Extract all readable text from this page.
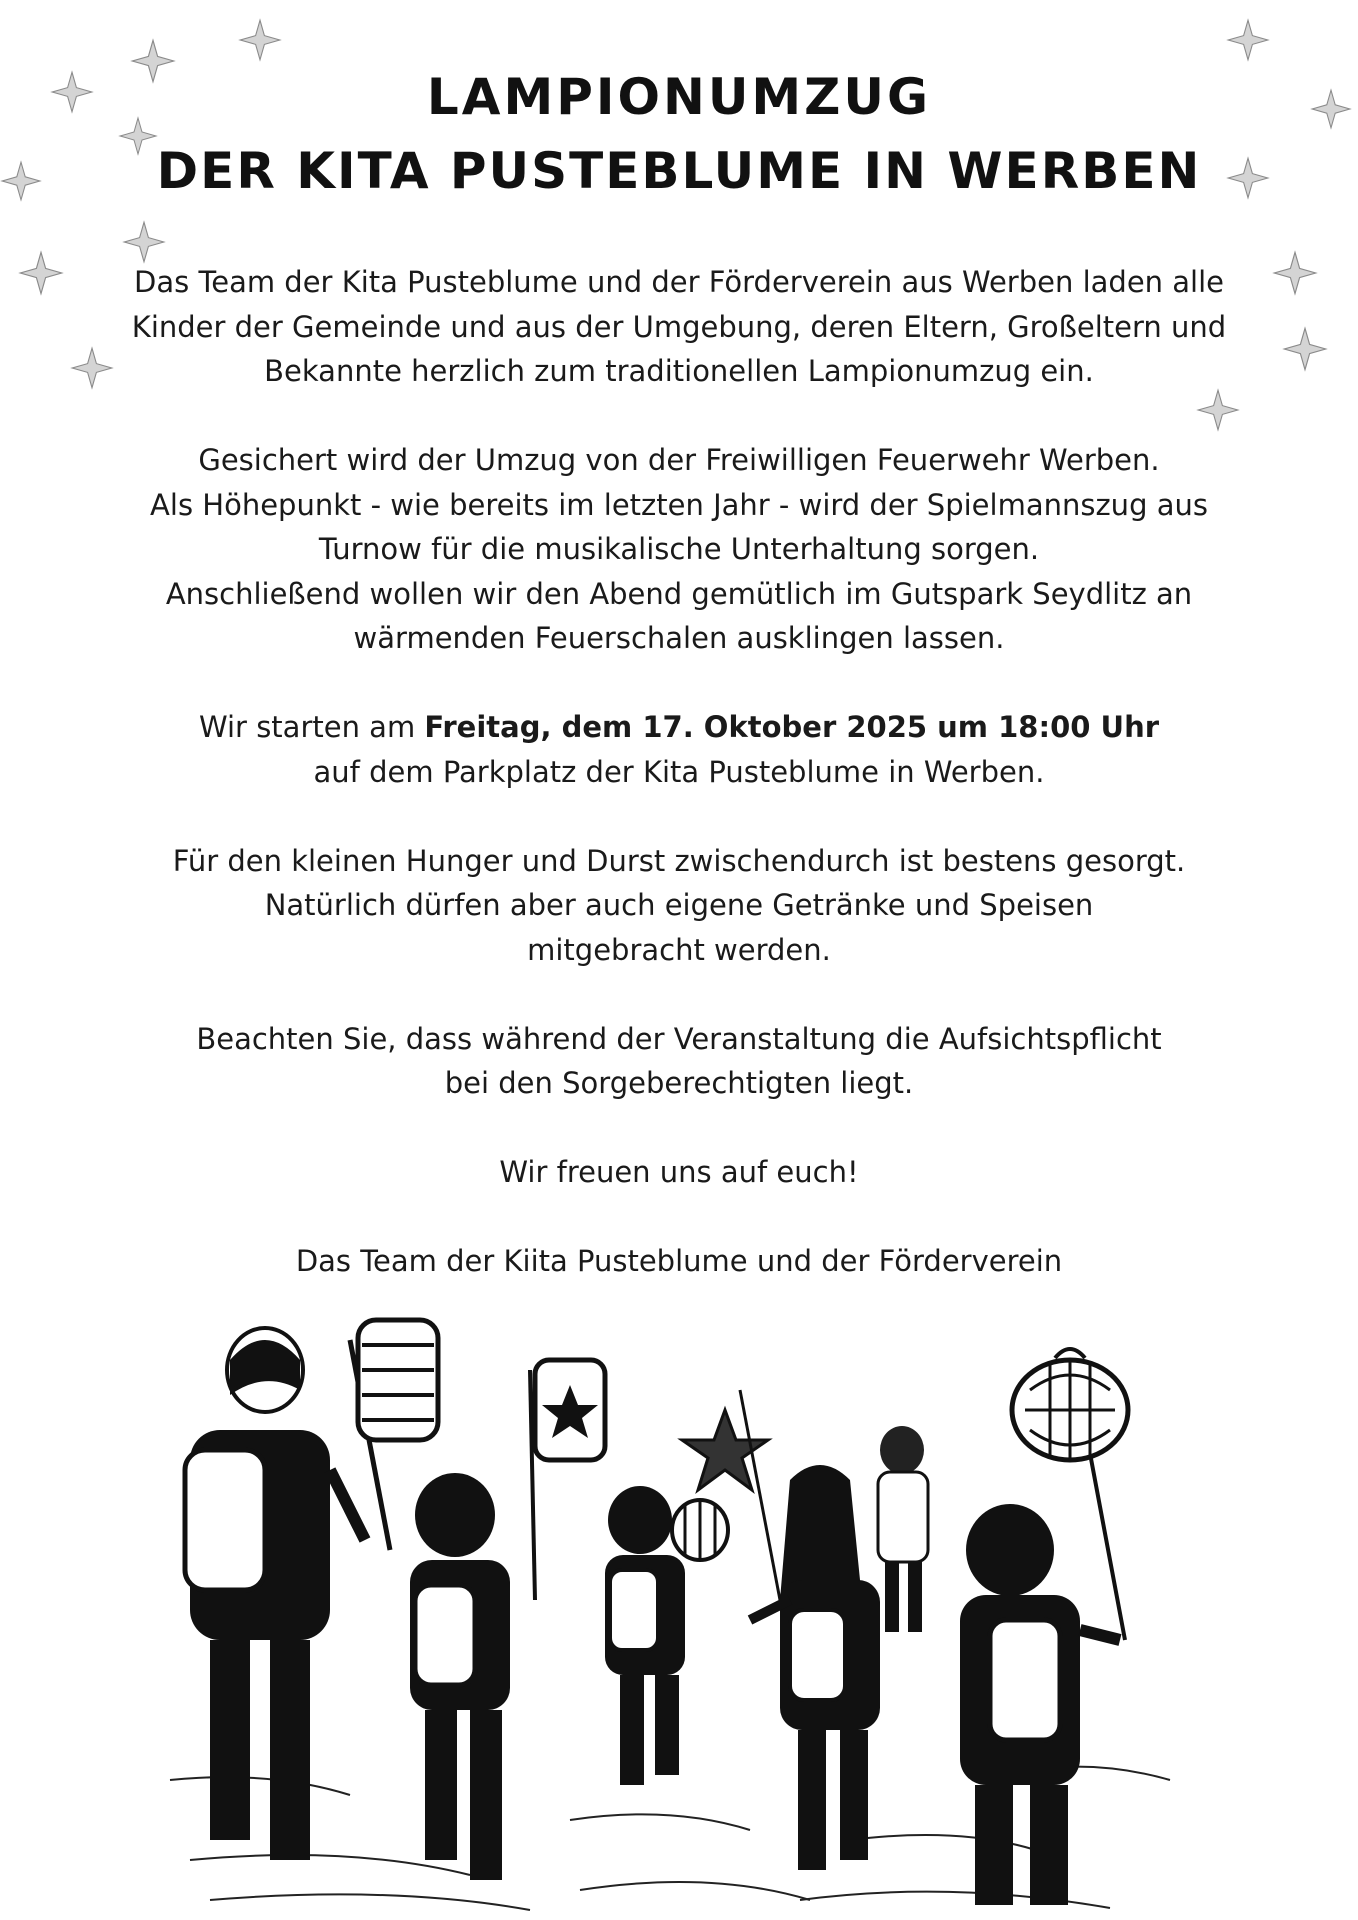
LAMPIONUMZUG
DER KITA PUSTEBLUME IN WERBEN

Das Team der Kita Pusteblume und der Förderverein aus Werben laden alle
Kinder der Gemeinde und aus der Umgebung, deren Eltern, Großeltern und
Bekannte herzlich zum traditionellen Lampionumzug ein.

Gesichert wird der Umzug von der Freiwilligen Feuerwehr Werben.
Als Höhepunkt - wie bereits im letzten Jahr - wird der Spielmannszug aus
Turnow für die musikalische Unterhaltung sorgen.
Anschließend wollen wir den Abend gemütlich im Gutspark Seydlitz an
wärmenden Feuerschalen ausklingen lassen.

Wir starten am Freitag, dem 17. Oktober 2025 um 18:00 Uhr
auf dem Parkplatz der Kita Pusteblume in Werben.

Für den kleinen Hunger und Durst zwischendurch ist bestens gesorgt.
Natürlich dürfen aber auch eigene Getränke und Speisen
mitgebracht werden.

Beachten Sie, dass während der Veranstaltung die Aufsichtspflicht
bei den Sorgeberechtigten liegt.

Wir freuen uns auf euch!

Das Team der Kiita Pusteblume und der Förderverein
